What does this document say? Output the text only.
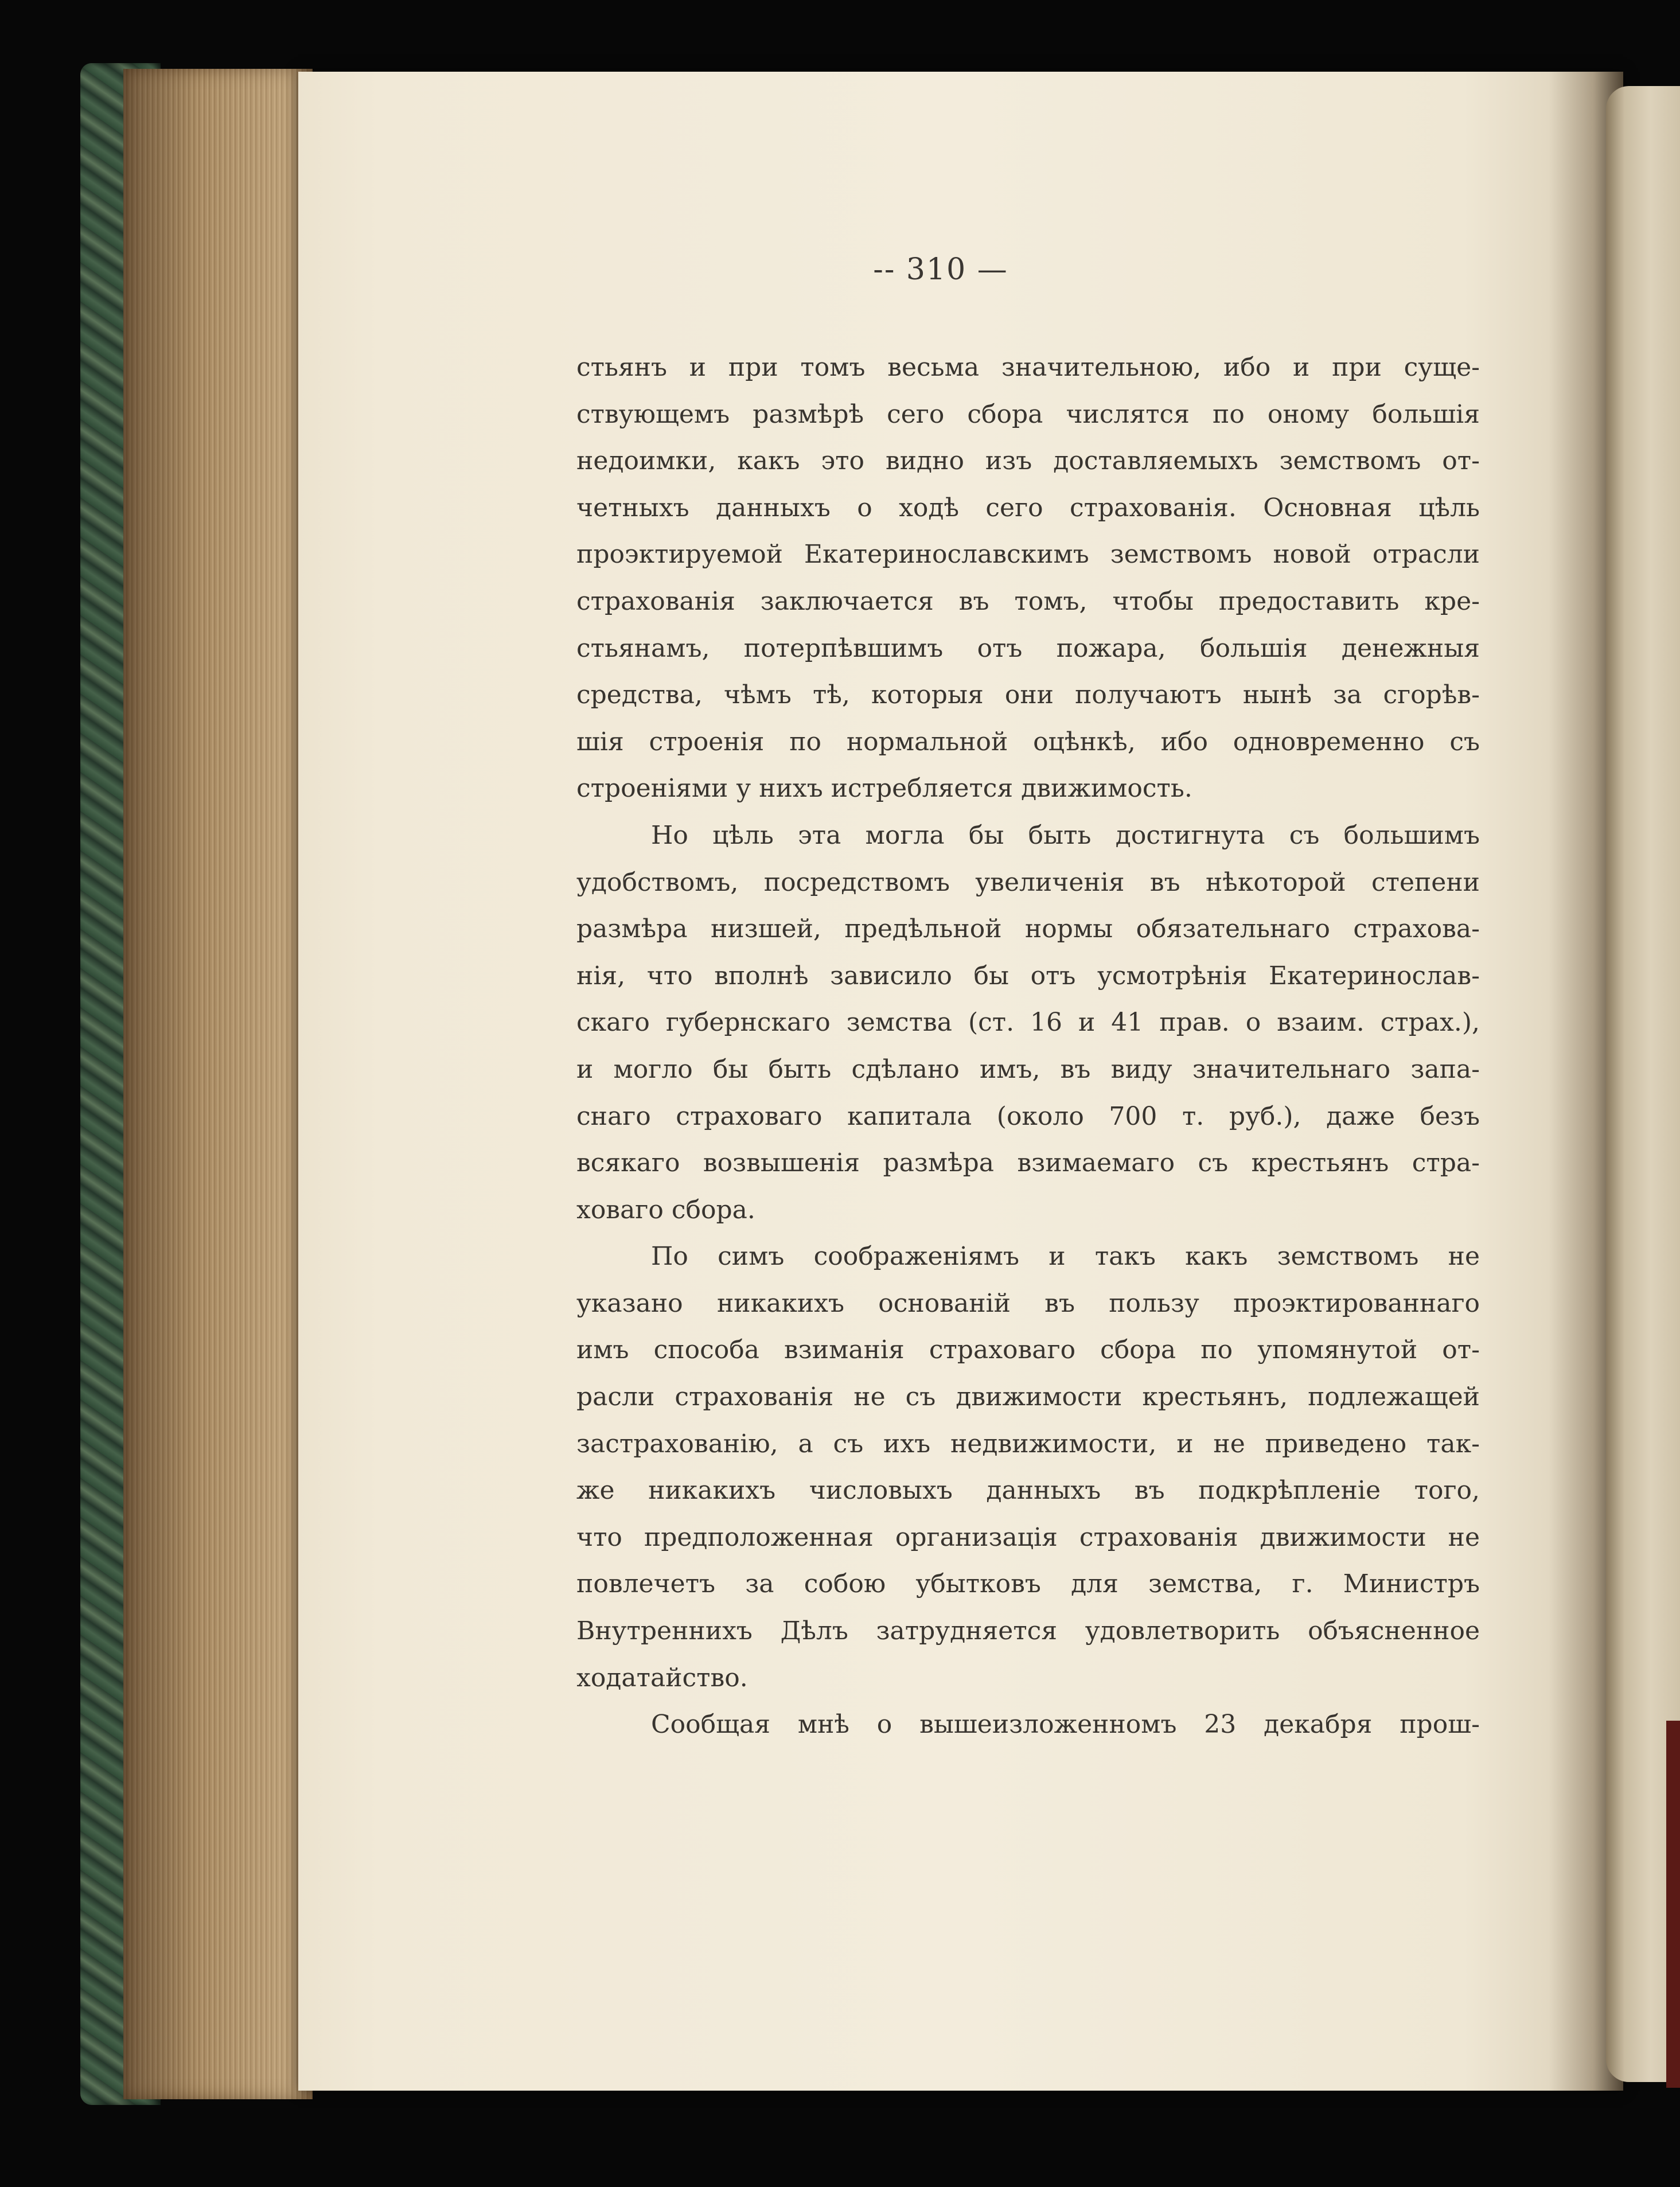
-- 310 —
стьянъ и при томъ весьма значительною, ибо и при суще-
ствующемъ размѣрѣ сего сбора числятся по оному большія
недоимки, какъ это видно изъ доставляемыхъ земствомъ от-
четныхъ данныхъ о ходѣ сего страхованія. Основная цѣль
проэктируемой Екатеринославскимъ земствомъ новой отрасли
страхованія заключается въ томъ, чтобы предоставить кре-
стьянамъ, потерпѣвшимъ отъ пожара, большія денежныя
средства, чѣмъ тѣ, которыя они получаютъ нынѣ за сгорѣв-
шія строенія по нормальной оцѣнкѣ, ибо одновременно съ
строеніями у нихъ истребляется движимость.
Но цѣль эта могла бы быть достигнута съ большимъ
удобствомъ, посредствомъ увеличенія въ нѣкоторой степени
размѣра низшей, предѣльной нормы обязательнаго страхова-
нія, что вполнѣ зависило бы отъ усмотрѣнія Екатеринослав-
скаго губернскаго земства (ст. 16 и 41 прав. о взаим. страх.),
и могло бы быть сдѣлано имъ, въ виду значительнаго запа-
снаго страховаго капитала (около 700 т. руб.), даже безъ
всякаго возвышенія размѣра взимаемаго съ крестьянъ стра-
ховаго сбора.
По симъ соображеніямъ и такъ какъ земствомъ не
указано никакихъ основаній въ пользу проэктированнаго
имъ способа взиманія страховаго сбора по упомянутой от-
расли страхованія не съ движимости крестьянъ, подлежащей
застрахованію, а съ ихъ недвижимости, и не приведено так-
же никакихъ числовыхъ данныхъ въ подкрѣпленіе того,
что предположенная организація страхованія движимости не
повлечетъ за собою убытковъ для земства, г. Министръ
Внутреннихъ Дѣлъ затрудняется удовлетворить объясненное
ходатайство.
Сообщая мнѣ о вышеизложенномъ 23 декабря прош-
